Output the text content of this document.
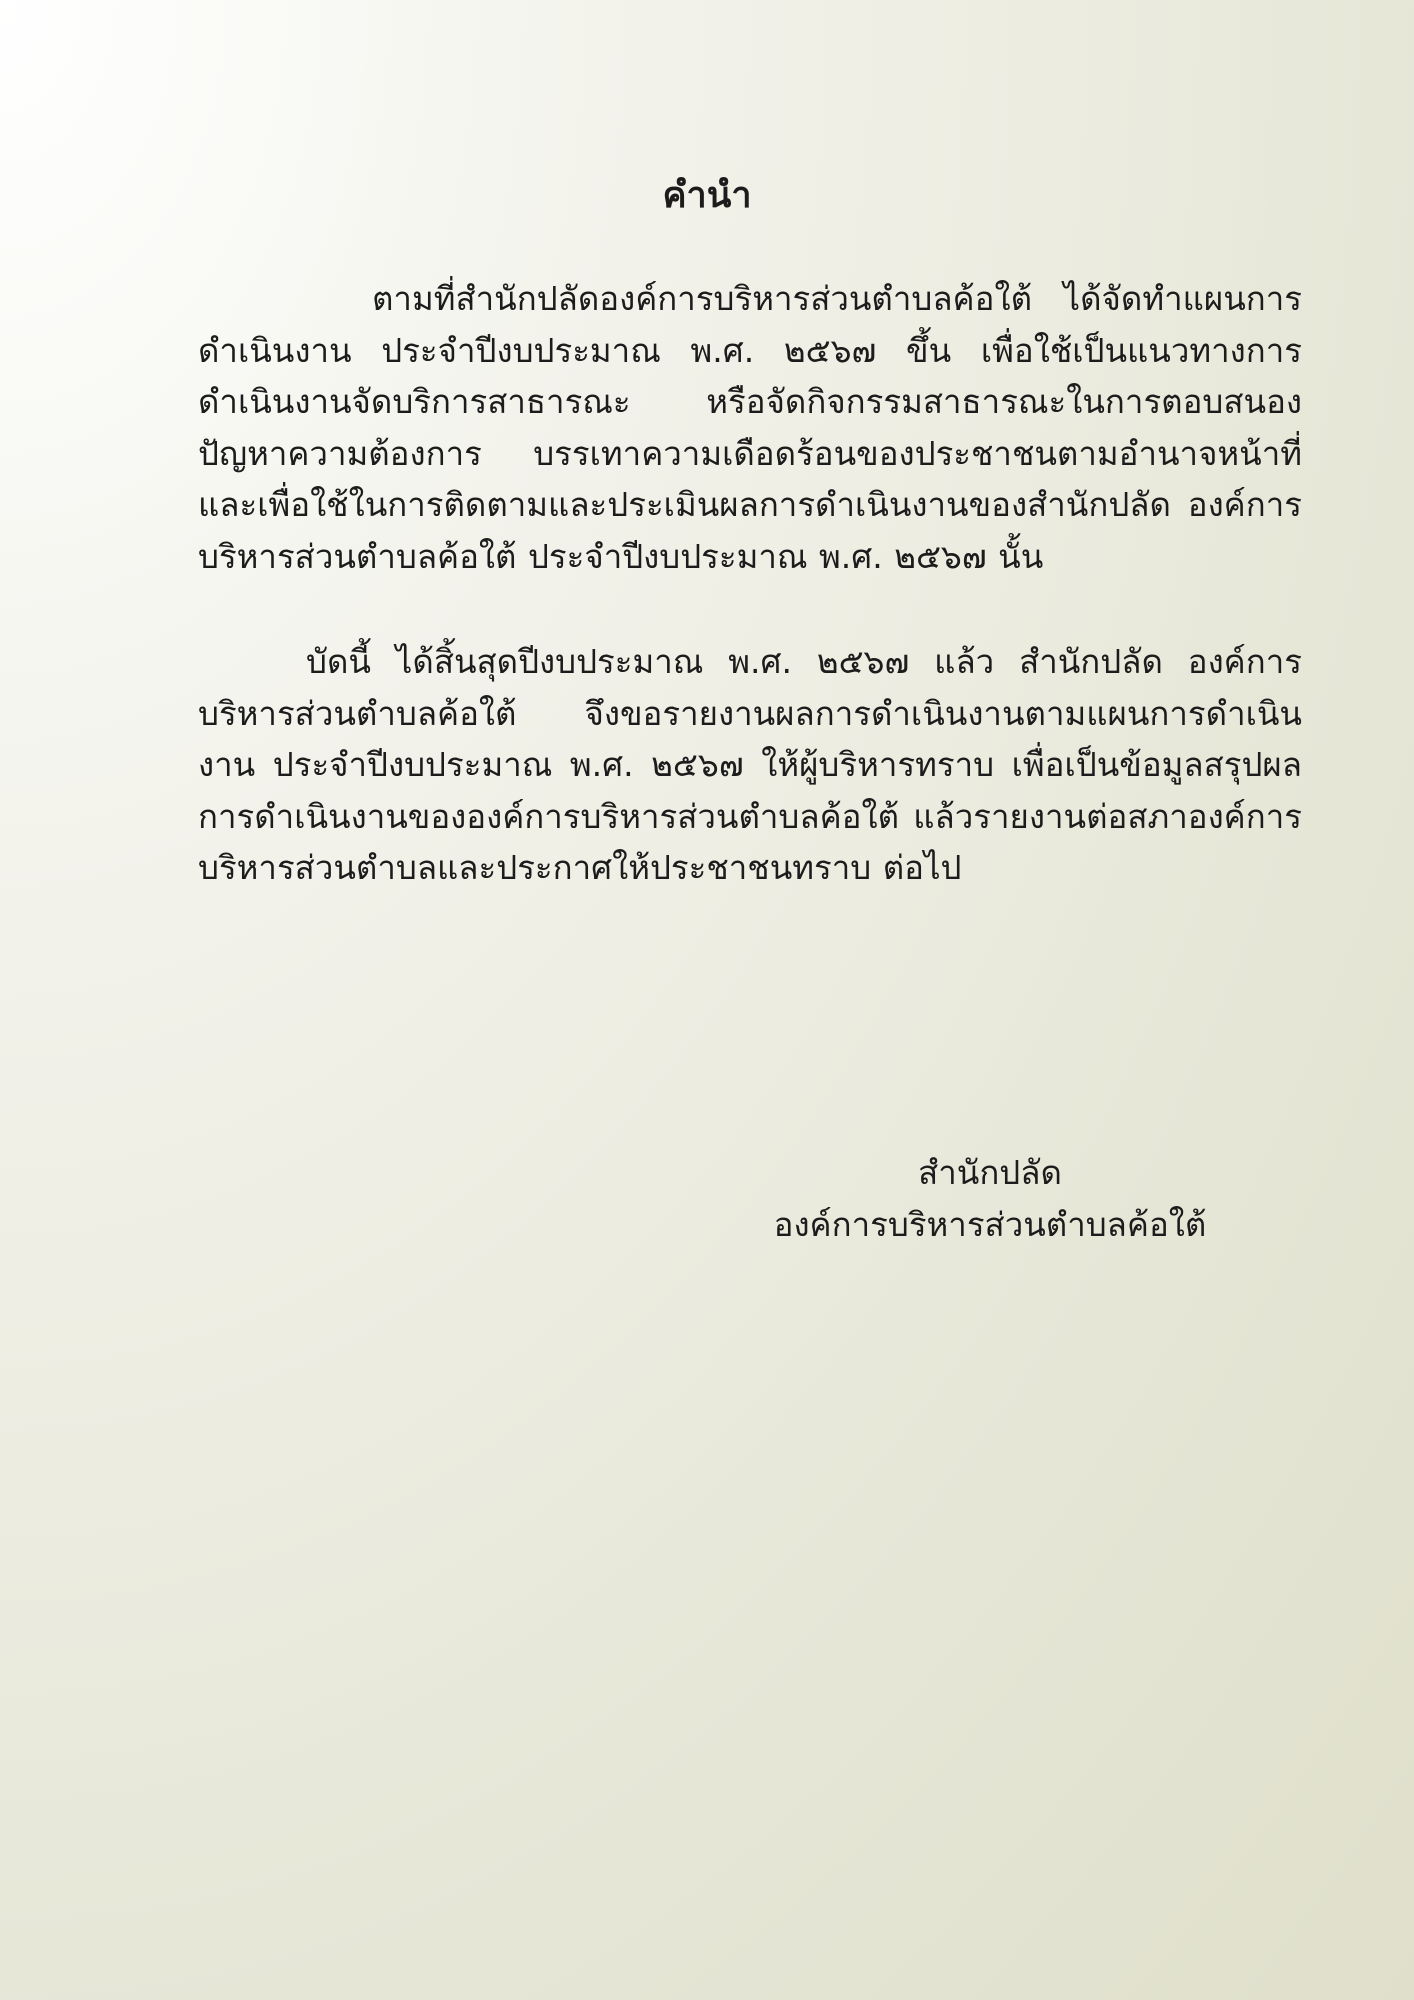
คำนำ

ตามที่สำนักปลัดองค์การบริหารส่วนตำบลค้อใต้ ได้จัดทำแผนการดำเนินงาน ประจำปีงบประมาณ พ.ศ. ๒๕๖๗ ขึ้น เพื่อใช้เป็นแนวทางการดำเนินงานจัดบริการสาธารณะ หรือจัดกิจกรรมสาธารณะในการตอบสนองปัญหาความต้องการ บรรเทาความเดือดร้อนของประชาชนตามอำนาจหน้าที่ และเพื่อใช้ในการติดตามและประเมินผลการดำเนินงานของสำนักปลัด องค์การบริหารส่วนตำบลค้อใต้ ประจำปีงบประมาณ พ.ศ. ๒๕๖๗ นั้น

บัดนี้ ได้สิ้นสุดปีงบประมาณ พ.ศ. ๒๕๖๗ แล้ว สำนักปลัด องค์การบริหารส่วนตำบลค้อใต้ จึงขอรายงานผลการดำเนินงานตามแผนการดำเนินงาน ประจำปีงบประมาณ พ.ศ. ๒๕๖๗ ให้ผู้บริหารทราบ เพื่อเป็นข้อมูลสรุปผลการดำเนินงานขององค์การบริหารส่วนตำบลค้อใต้ แล้วรายงานต่อสภาองค์การบริหารส่วนตำบลและประกาศให้ประชาชนทราบ ต่อไป

สำนักปลัด
องค์การบริหารส่วนตำบลค้อใต้
